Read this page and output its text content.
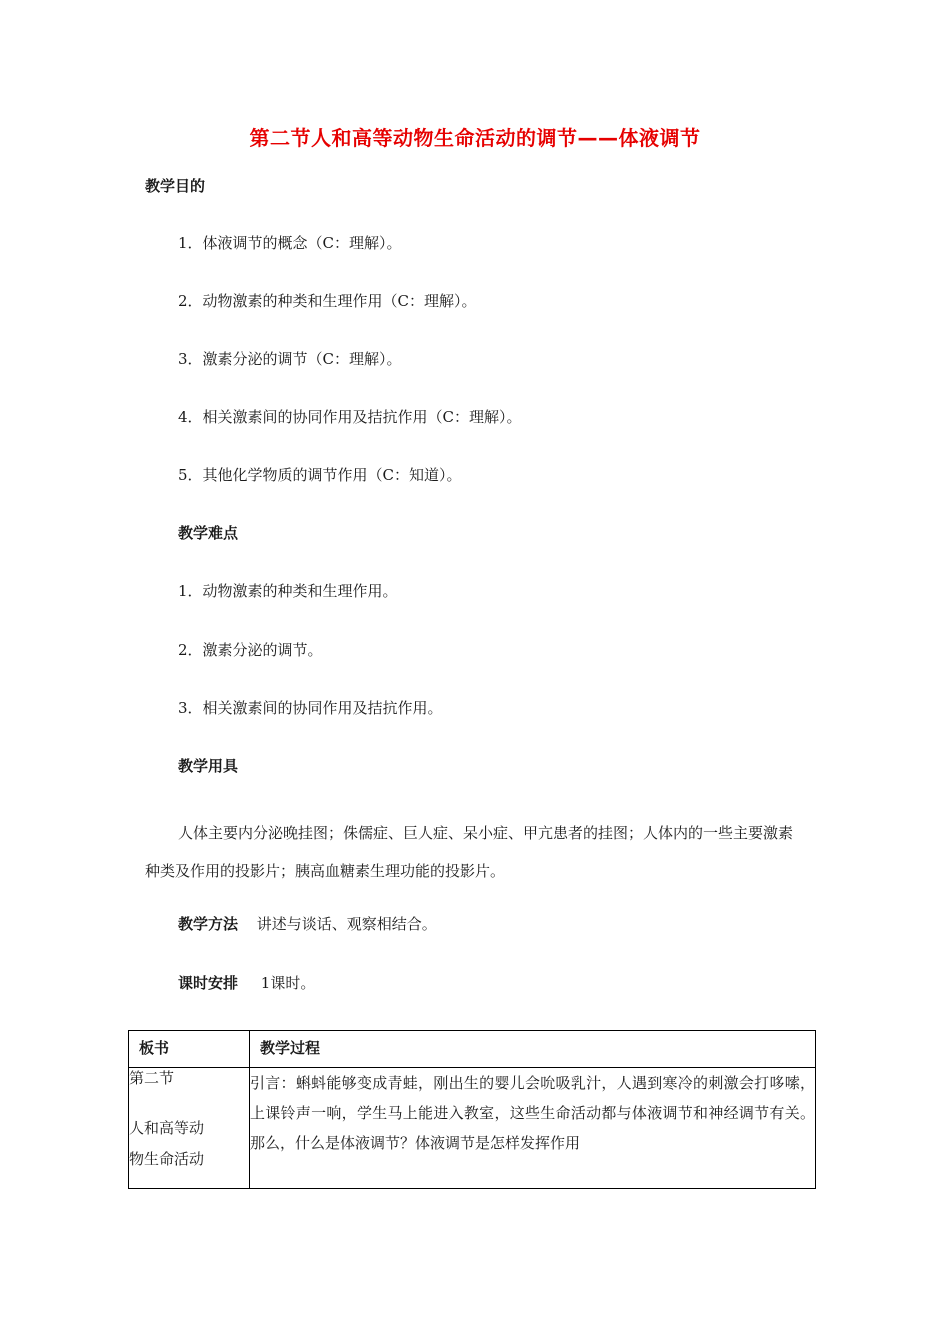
第二节人和高等动物生命活动的调节——体液调节
教学目的
1．体液调节的概念（C：理解）。
2．动物激素的种类和生理作用（C：理解）。
3．激素分泌的调节（C：理解）。
4．相关激素间的协同作用及拮抗作用（C：理解）。
5．其他化学物质的调节作用（C：知道）。
教学难点
1．动物激素的种类和生理作用。
2．激素分泌的调节。
3．相关激素间的协同作用及拮抗作用。
教学用具
人体主要内分泌晚挂图；侏儒症、巨人症、呆小症、甲亢患者的挂图；人体内的一些主要激素种类及作用的投影片；胰高血糖素生理功能的投影片。
教学方法 讲述与谈话、观察相结合。
课时安排 1课时。
板书	教学过程

第二节
人和高等动
物生命活动	引言：蝌蚪能够变成青蛙，刚出生的婴儿会吮吸乳汁，人遇到寒冷的刺激会打哆嗦，上课铃声一响，学生马上能进入教室，这些生命活动都与体液调节和神经调节有关。那么，什么是体液调节？体液调节是怎样发挥作用
